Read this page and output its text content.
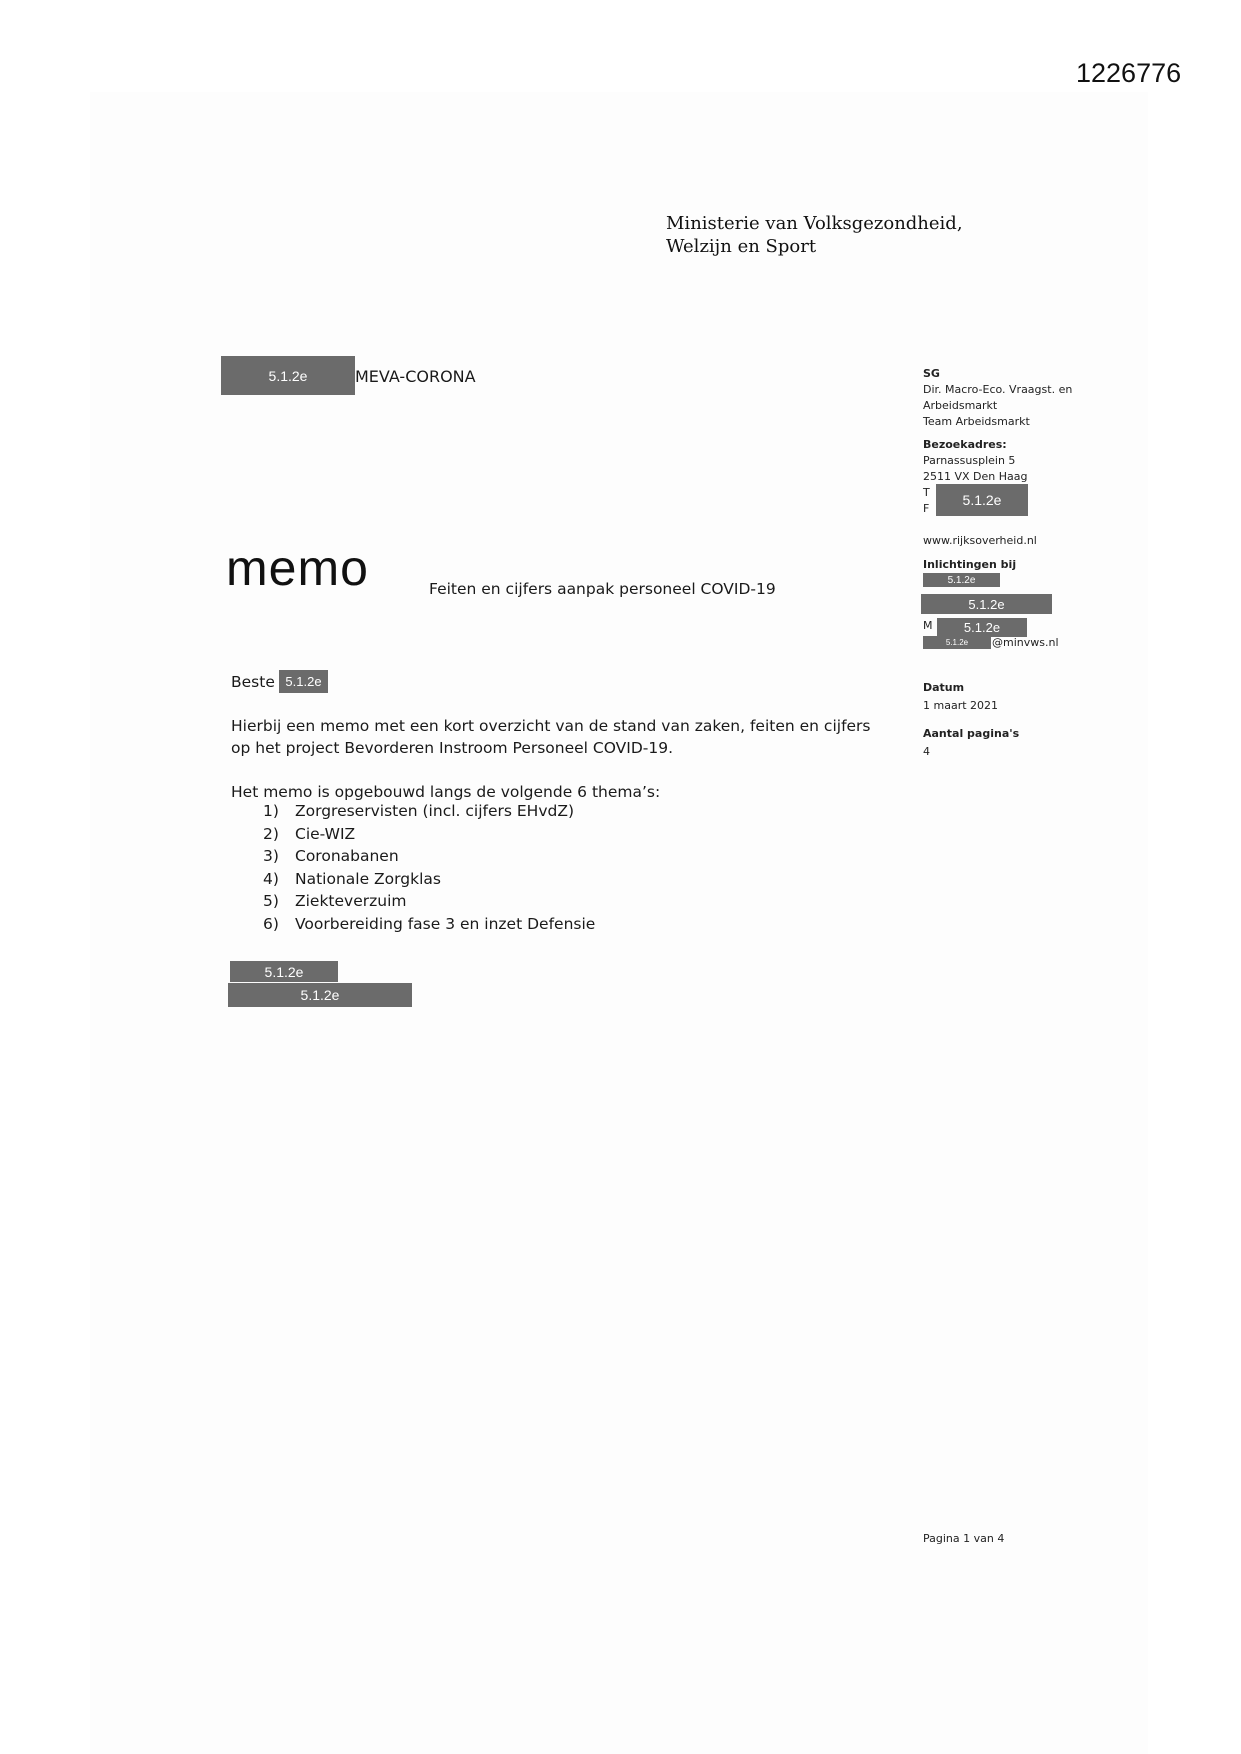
1226776
Ministerie van Volksgezondheid,
Welzijn en Sport
5.1.2e	MEVA-CORONA
memo	Feiten en cijfers aanpak personeel COVID-19
Beste 5.1.2e
Hierbij een memo met een kort overzicht van de stand van zaken, feiten en cijfers
op het project Bevorderen Instroom Personeel COVID-19.
Het memo is opgebouwd langs de volgende 6 thema’s:
1) Zorgreservisten (incl. cijfers EHvdZ)
2) Cie-WIZ
3) Coronabanen
4) Nationale Zorgklas
5) Ziekteverzuim
6) Voorbereiding fase 3 en inzet Defensie
5.1.2e
5.1.2e
SG
Dir. Macro-Eco. Vraagst. en
Arbeidsmarkt
Team Arbeidsmarkt
Bezoekadres:
Parnassusplein 5
2511 VX Den Haag
T
F
5.1.2e
www.rijksoverheid.nl
Inlichtingen bij
5.1.2e
5.1.2e
M	5.1.2e
5.1.2e	@minvws.nl
Datum
1 maart 2021
Aantal pagina's
4
Pagina 1 van 4
